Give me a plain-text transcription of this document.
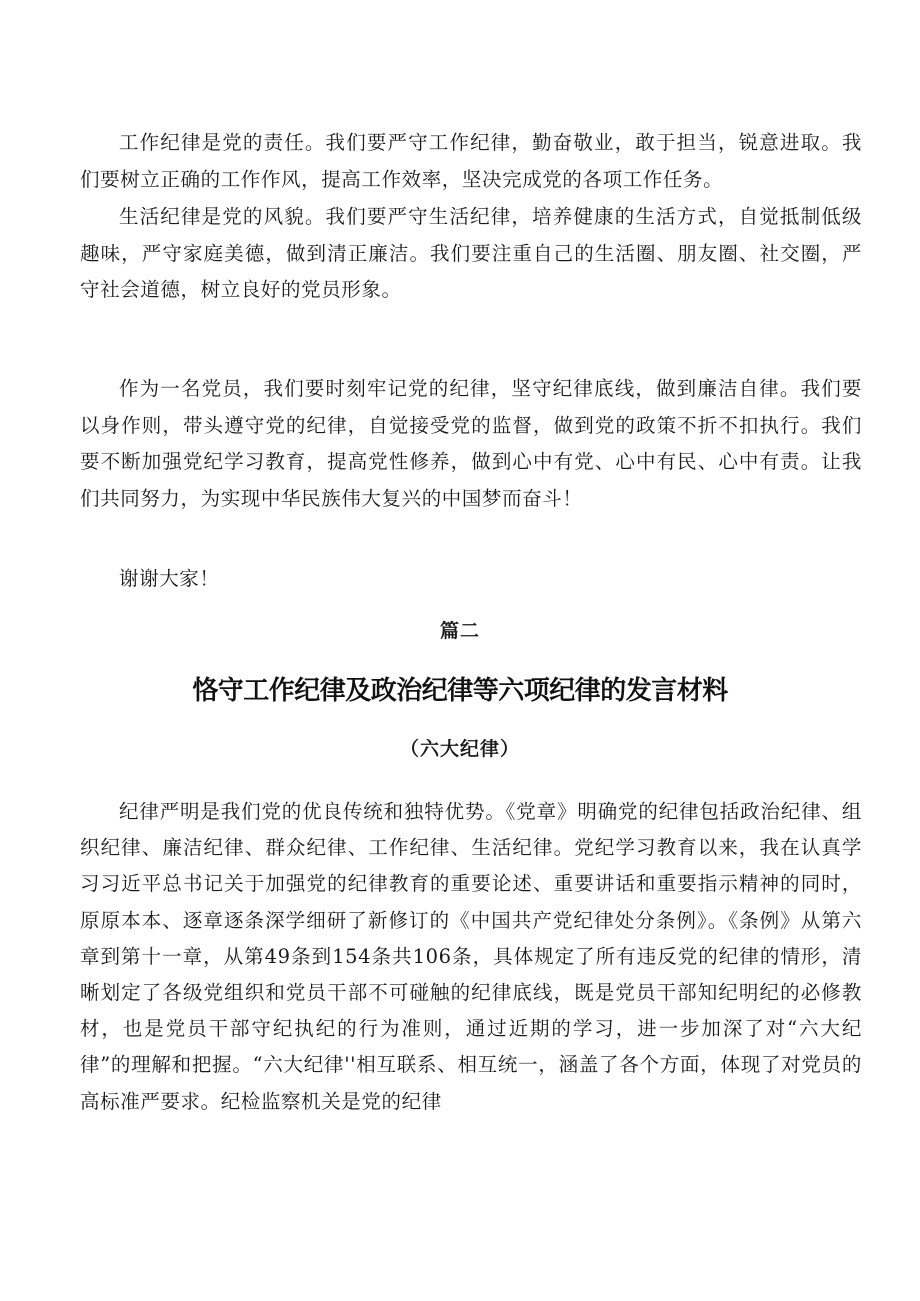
工作纪律是党的责任。我们要严守工作纪律，勤奋敬业，敢于担当，锐意进取。我们要树立正确的工作作风，提高工作效率，坚决完成党的各项工作任务。

生活纪律是党的风貌。我们要严守生活纪律，培养健康的生活方式，自觉抵制低级趣味，严守家庭美德，做到清正廉洁。我们要注重自己的生活圈、朋友圈、社交圈，严守社会道德，树立良好的党员形象。

作为一名党员，我们要时刻牢记党的纪律，坚守纪律底线，做到廉洁自律。我们要以身作则，带头遵守党的纪律，自觉接受党的监督，做到党的政策不折不扣执行。我们要不断加强党纪学习教育，提高党性修养，做到心中有党、心中有民、心中有责。让我们共同努力，为实现中华民族伟大复兴的中国梦而奋斗！

谢谢大家！

篇二
恪守工作纪律及政治纪律等六项纪律的发言材料
（六大纪律）

纪律严明是我们党的优良传统和独特优势。《党章》明确党的纪律包括政治纪律、组织纪律、廉洁纪律、群众纪律、工作纪律、生活纪律。党纪学习教育以来，我在认真学习习近平总书记关于加强党的纪律教育的重要论述、重要讲话和重要指示精神的同时，原原本本、逐章逐条深学细研了新修订的《中国共产党纪律处分条例》。《条例》从第六章到第十一章，从第49条到154条共106条，具体规定了所有违反党的纪律的情形，清晰划定了各级党组织和党员干部不可碰触的纪律底线，既是党员干部知纪明纪的必修教材，也是党员干部守纪执纪的行为准则，通过近期的学习，进一步加深了对“六大纪律”的理解和把握。“六大纪律''相互联系、相互统一，涵盖了各个方面，体现了对党员的高标准严要求。纪检监察机关是党的纪律
